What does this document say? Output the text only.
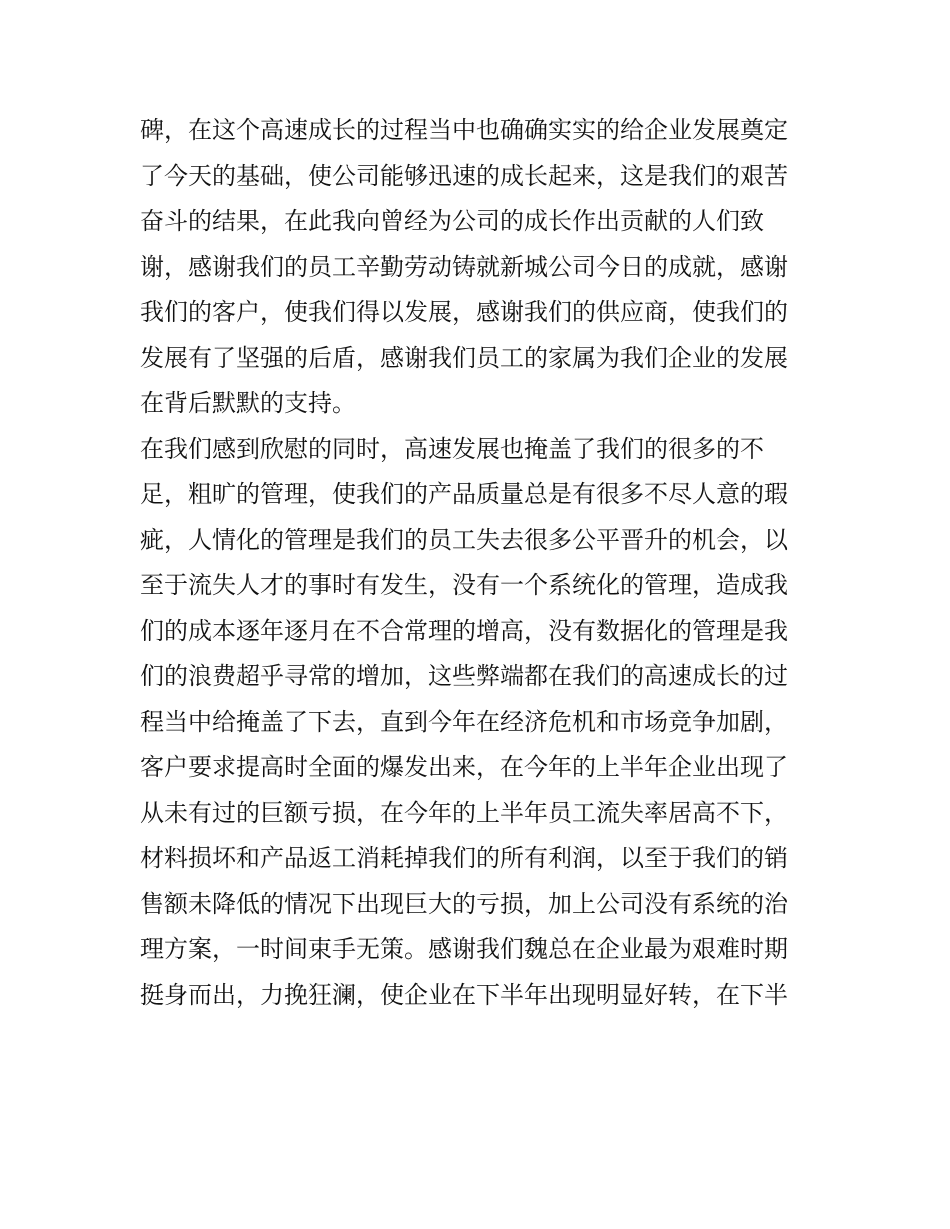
碑，在这个高速成长的过程当中也确确实实的给企业发展奠定
了今天的基础，使公司能够迅速的成长起来，这是我们的艰苦
奋斗的结果，在此我向曾经为公司的成长作出贡献的人们致
谢，感谢我们的员工辛勤劳动铸就新城公司今日的成就，感谢
我们的客户，使我们得以发展，感谢我们的供应商，使我们的
发展有了坚强的后盾，感谢我们员工的家属为我们企业的发展
在背后默默的支持。
在我们感到欣慰的同时，高速发展也掩盖了我们的很多的不
足，粗旷的管理，使我们的产品质量总是有很多不尽人意的瑕
疵，人情化的管理是我们的员工失去很多公平晋升的机会，以
至于流失人才的事时有发生，没有一个系统化的管理，造成我
们的成本逐年逐月在不合常理的增高，没有数据化的管理是我
们的浪费超乎寻常的增加，这些弊端都在我们的高速成长的过
程当中给掩盖了下去，直到今年在经济危机和市场竞争加剧，
客户要求提高时全面的爆发出来，在今年的上半年企业出现了
从未有过的巨额亏损，在今年的上半年员工流失率居高不下，
材料损坏和产品返工消耗掉我们的所有利润，以至于我们的销
售额未降低的情况下出现巨大的亏损，加上公司没有系统的治
理方案，一时间束手无策。感谢我们魏总在企业最为艰难时期
挺身而出，力挽狂澜，使企业在下半年出现明显好转，在下半
